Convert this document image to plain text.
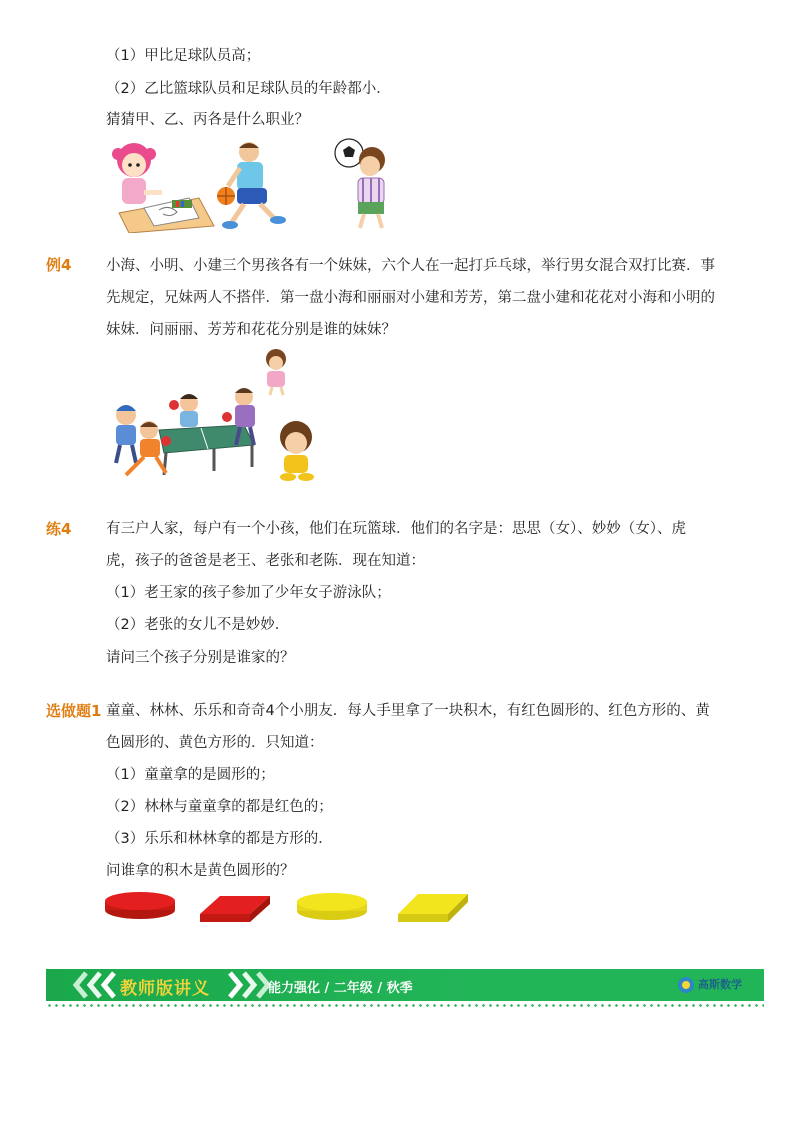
（1）甲比足球队员高；
（2）乙比篮球队员和足球队员的年龄都小．
猜猜甲、乙、丙各是什么职业？
例4 小海、小明、小建三个男孩各有一个妹妹，六个人在一起打乒乓球，举行男女混合双打比赛．事
先规定，兄妹两人不搭伴．第一盘小海和丽丽对小建和芳芳，第二盘小建和花花对小海和小明的
妹妹．问丽丽、芳芳和花花分别是谁的妹妹？
练4 有三户人家，每户有一个小孩，他们在玩篮球．他们的名字是：思思（女）、妙妙（女）、虎
虎，孩子的爸爸是老王、老张和老陈．现在知道：
（1）老王家的孩子参加了少年女子游泳队；
（2）老张的女儿不是妙妙．
请问三个孩子分别是谁家的？
选做题1 童童、林林、乐乐和奇奇4个小朋友．每人手里拿了一块积木，有红色圆形的、红色方形的、黄
色圆形的、黄色方形的．只知道：
（1）童童拿的是圆形的；
（2）林林与童童拿的都是红色的；
（3）乐乐和林林拿的都是方形的．
问谁拿的积木是黄色圆形的？
教师版讲义	能力强化 / 二年级 / 秋季	高斯数学
